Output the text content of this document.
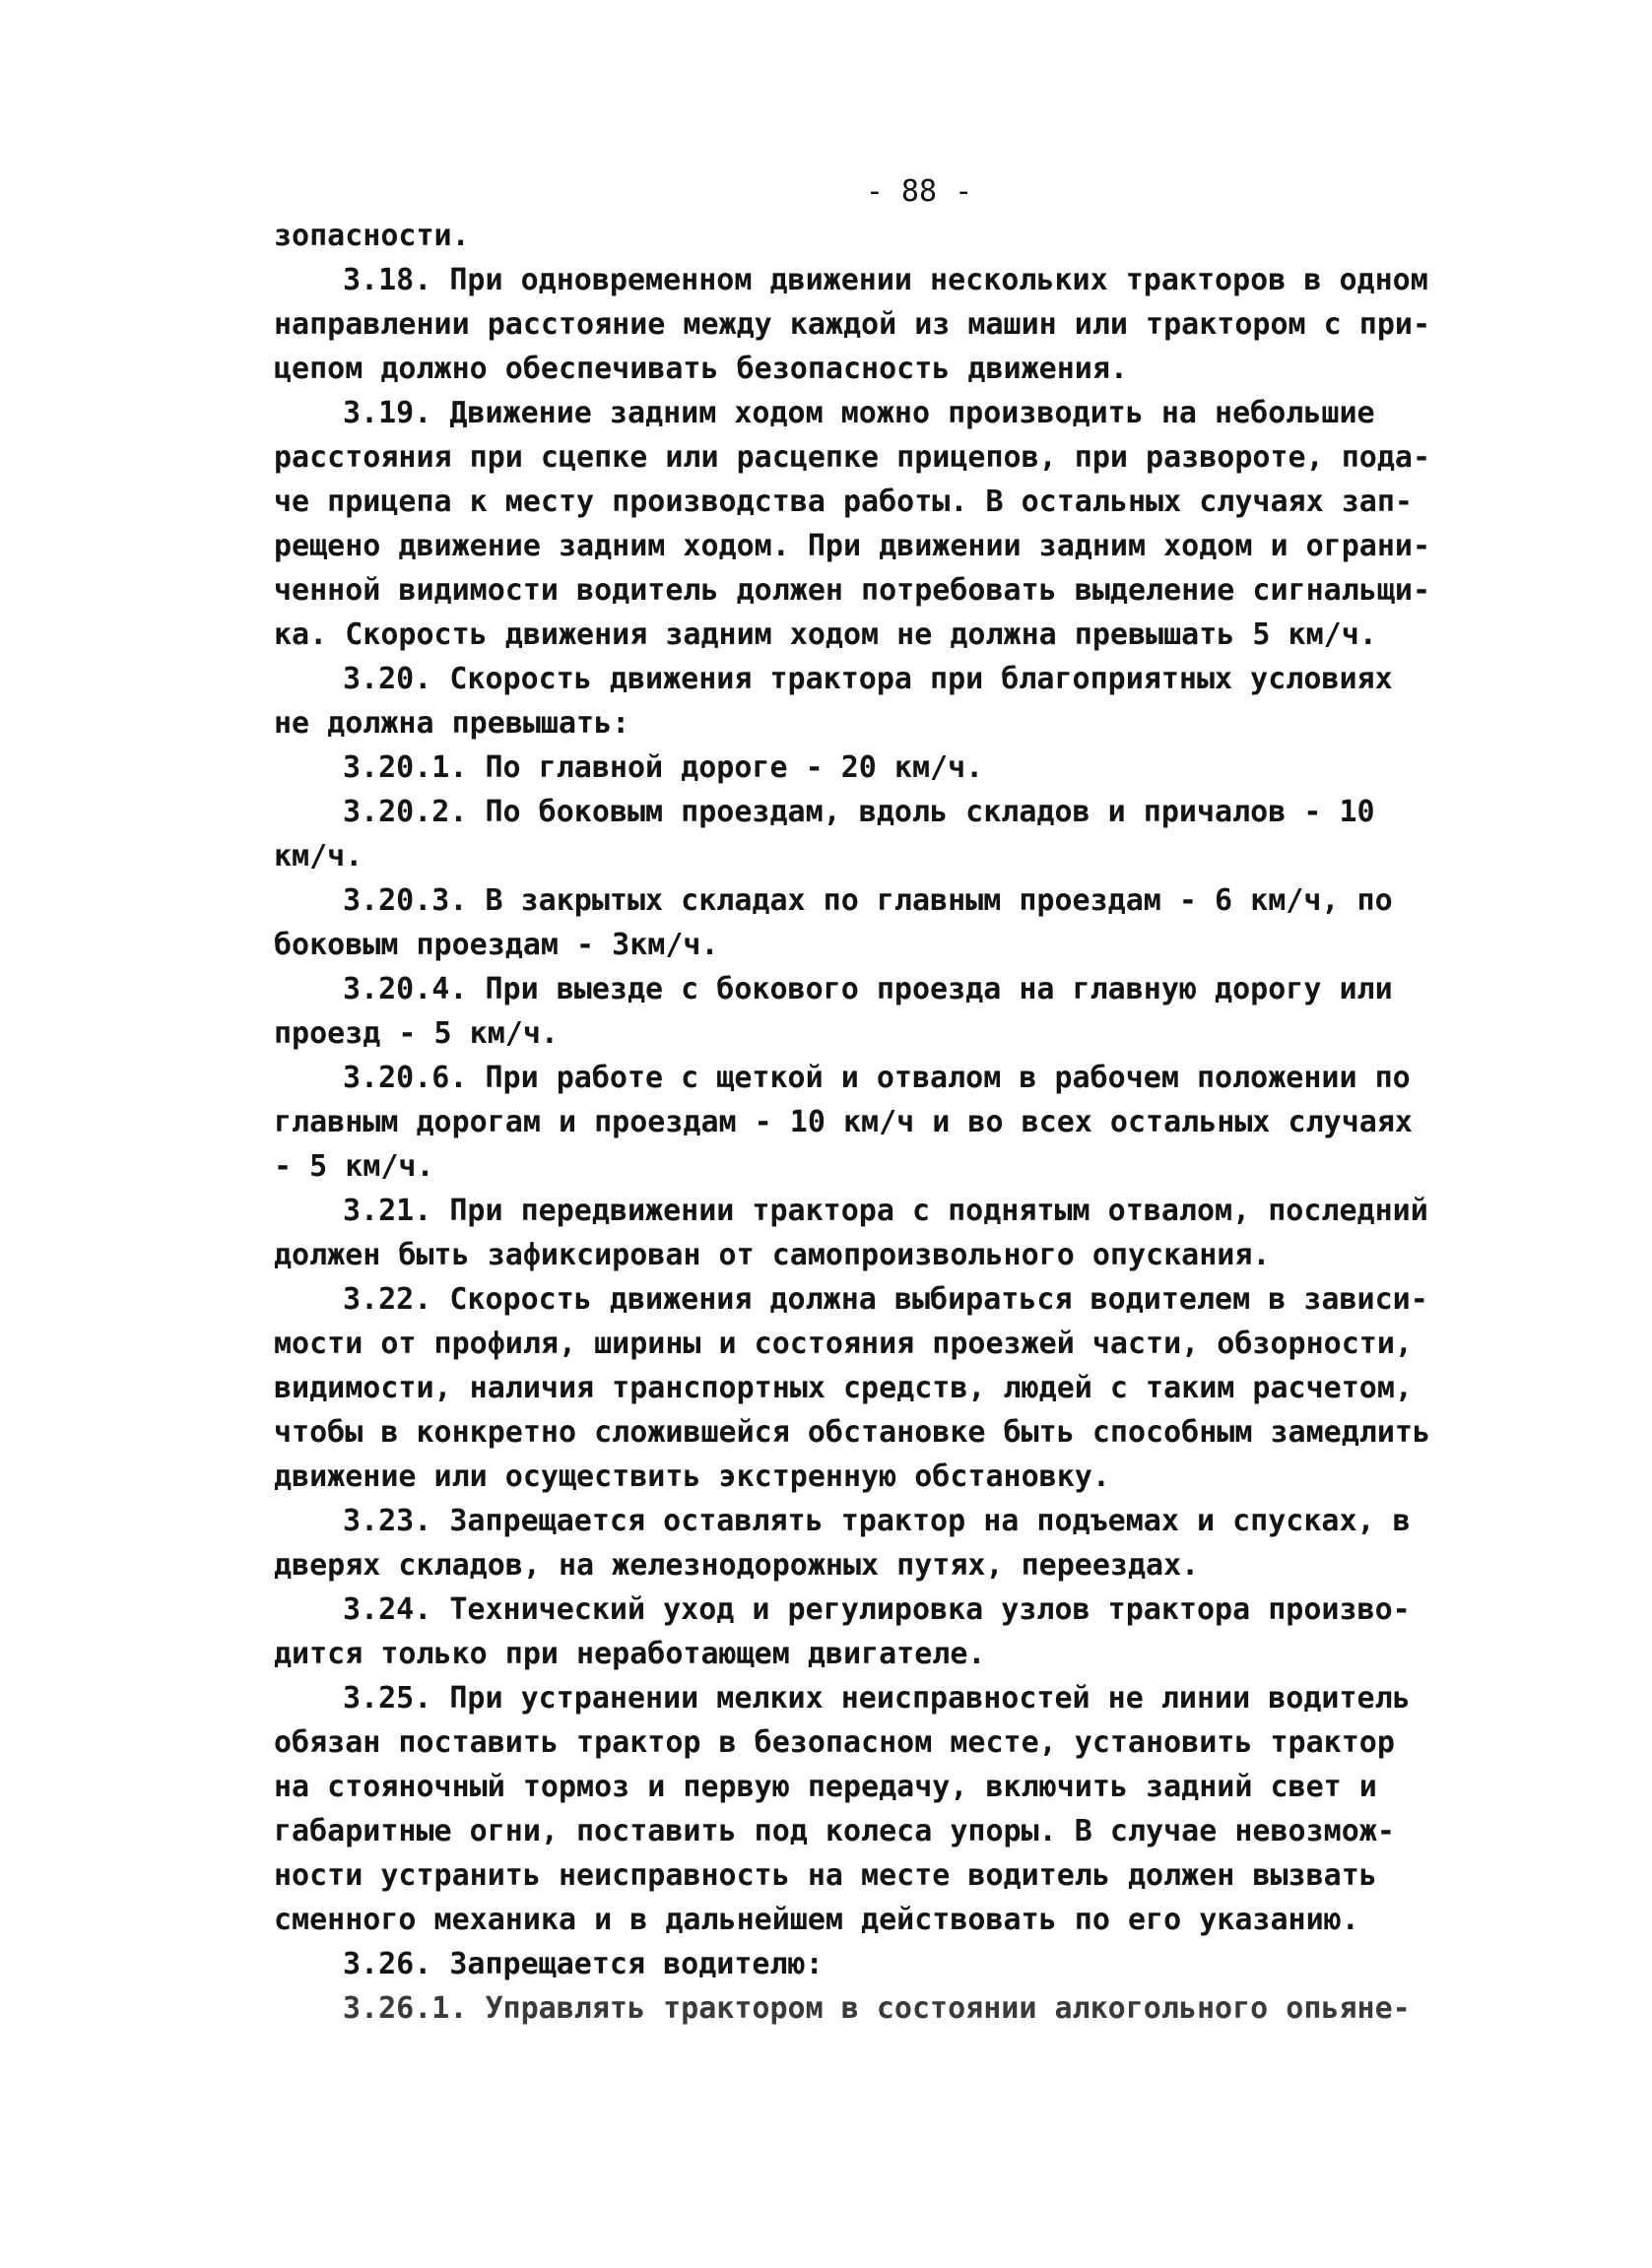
- 88 -
зопасности.
3.18. При одновременном движении нескольких тракторов в одном
направлении расстояние между каждой из машин или трактором с при-
цепом должно обеспечивать безопасность движения.
3.19. Движение задним ходом можно производить на небольшие
расстояния при сцепке или расцепке прицепов, при развороте, пода-
че прицепа к месту производства работы. В остальных случаях зап-
рещено движение задним ходом. При движении задним ходом и ограни-
ченной видимости водитель должен потребовать выделение сигнальщи-
ка. Скорость движения задним ходом не должна превышать 5 км/ч.
3.20. Скорость движения трактора при благоприятных условиях
не должна превышать:
3.20.1. По главной дороге - 20 км/ч.
3.20.2. По боковым проездам, вдоль складов и причалов - 10
км/ч.
3.20.3. В закрытых складах по главным проездам - 6 км/ч, по
боковым проездам - 3км/ч.
3.20.4. При выезде с бокового проезда на главную дорогу или
проезд - 5 км/ч.
3.20.6. При работе с щеткой и отвалом в рабочем положении по
главным дорогам и проездам - 10 км/ч и во всех остальных случаях
- 5 км/ч.
3.21. При передвижении трактора с поднятым отвалом, последний
должен быть зафиксирован от самопроизвольного опускания.
3.22. Скорость движения должна выбираться водителем в зависи-
мости от профиля, ширины и состояния проезжей части, обзорности,
видимости, наличия транспортных средств, людей с таким расчетом,
чтобы в конкретно сложившейся обстановке быть способным замедлить
движение или осуществить экстренную обстановку.
3.23. Запрещается оставлять трактор на подъемах и спусках, в
дверях складов, на железнодорожных путях, переездах.
3.24. Технический уход и регулировка узлов трактора произво-
дится только при неработающем двигателе.
3.25. При устранении мелких неисправностей не линии водитель
обязан поставить трактор в безопасном месте, установить трактор
на стояночный тормоз и первую передачу, включить задний свет и
габаритные огни, поставить под колеса упоры. В случае невозмож-
ности устранить неисправность на месте водитель должен вызвать
сменного механика и в дальнейшем действовать по его указанию.
3.26. Запрещается водителю:
3.26.1. Управлять трактором в состоянии алкогольного опьяне-
